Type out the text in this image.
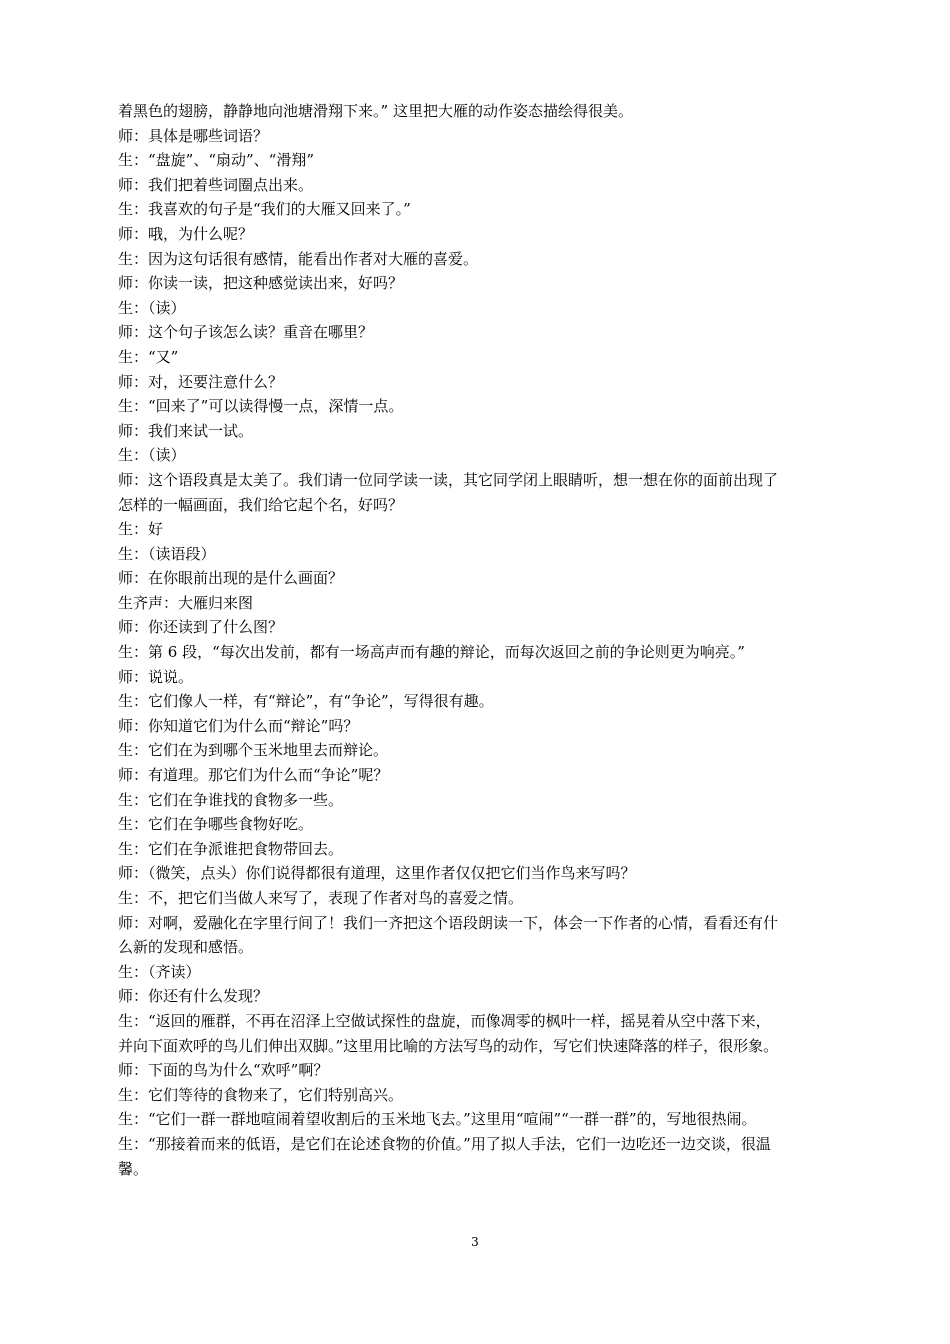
着黑色的翅膀，静静地向池塘滑翔下来。” 这里把大雁的动作姿态描绘得很美。
师：具体是哪些词语？
生：“盘旋”、“扇动”、“滑翔”
师：我们把着些词圈点出来。
生：我喜欢的句子是“我们的大雁又回来了。”
师：哦，为什么呢？
生：因为这句话很有感情，能看出作者对大雁的喜爱。
师：你读一读，把这种感觉读出来，好吗？
生：（读）
师：这个句子该怎么读？重音在哪里？
生：“又”
师：对，还要注意什么？
生：“回来了”可以读得慢一点，深情一点。
师：我们来试一试。
生：（读）
师：这个语段真是太美了。我们请一位同学读一读，其它同学闭上眼睛听，想一想在你的面前出现了
怎样的一幅画面，我们给它起个名，好吗？
生：好
生：（读语段）
师：在你眼前出现的是什么画面？
生齐声：大雁归来图
师：你还读到了什么图？
生：第 6 段，“每次出发前，都有一场高声而有趣的辩论，而每次返回之前的争论则更为响亮。”
师：说说。
生：它们像人一样，有“辩论”，有“争论”，写得很有趣。
师：你知道它们为什么而“辩论”吗？
生：它们在为到哪个玉米地里去而辩论。
师：有道理。那它们为什么而“争论”呢？
生：它们在争谁找的食物多一些。
生：它们在争哪些食物好吃。
生：它们在争派谁把食物带回去。
师：（微笑，点头）你们说得都很有道理，这里作者仅仅把它们当作鸟来写吗？
生：不，把它们当做人来写了，表现了作者对鸟的喜爱之情。
师：对啊，爱融化在字里行间了！我们一齐把这个语段朗读一下，体会一下作者的心情，看看还有什
么新的发现和感悟。
生：（齐读）
师：你还有什么发现？
生：“返回的雁群，不再在沼泽上空做试探性的盘旋，而像凋零的枫叶一样，摇晃着从空中落下来，
并向下面欢呼的鸟儿们伸出双脚。”这里用比喻的方法写鸟的动作，写它们快速降落的样子，很形象。
师：下面的鸟为什么“欢呼”啊？
生：它们等待的食物来了，它们特别高兴。
生：“它们一群一群地喧闹着望收割后的玉米地飞去。”这里用“喧闹”“一群一群”的，写地很热闹。
生：“那接着而来的低语，是它们在论述食物的价值。”用了拟人手法，它们一边吃还一边交谈，很温
馨。
3
